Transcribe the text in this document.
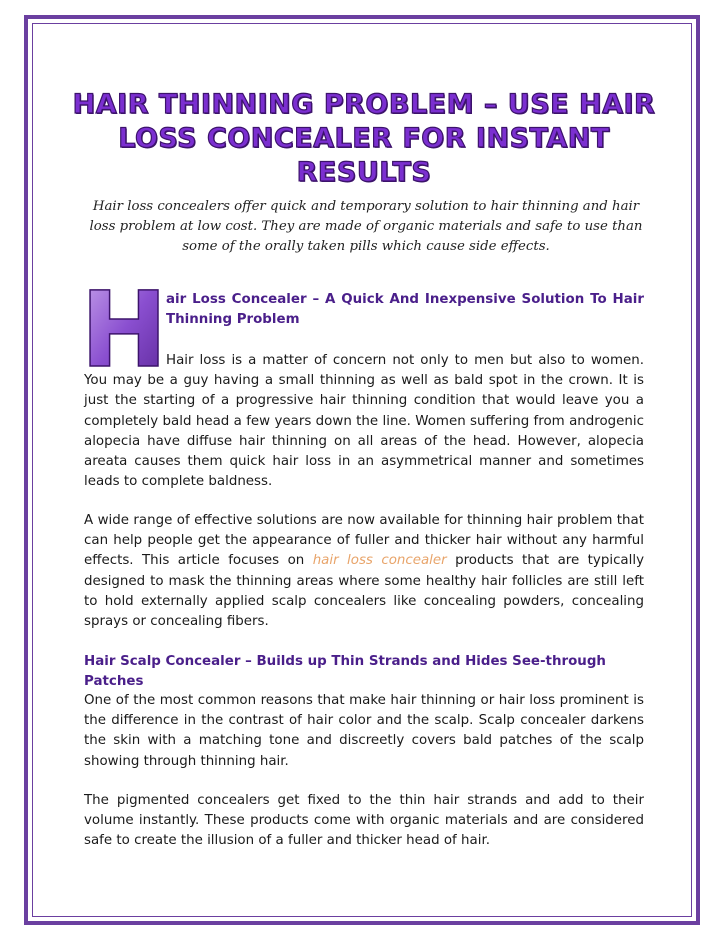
HAIR THINNING PROBLEM – USE HAIR LOSS CONCEALER FOR INSTANT RESULTS
Hair loss concealers offer quick and temporary solution to hair thinning and hair loss problem at low cost. They are made of organic materials and safe to use than some of the orally taken pills which cause side effects.
H
air Loss Concealer – A Quick And Inexpensive Solution To Hair Thinning Problem
Hair loss is a matter of concern not only to men but also to women. You may be a guy having a small thinning as well as bald spot in the crown. It is just the starting of a progressive hair thinning condition that would leave you a completely bald head a few years down the line. Women suffering from androgenic alopecia have diffuse hair thinning on all areas of the head. However, alopecia areata causes them quick hair loss in an asymmetrical manner and sometimes leads to complete baldness.
A wide range of effective solutions are now available for thinning hair problem that can help people get the appearance of fuller and thicker hair without any harmful effects. This article focuses on hair loss concealer products that are typically designed to mask the thinning areas where some healthy hair follicles are still left to hold externally applied scalp concealers like concealing powders, concealing sprays or concealing fibers.
Hair Scalp Concealer – Builds up Thin Strands and Hides See-through Patches
One of the most common reasons that make hair thinning or hair loss prominent is the difference in the contrast of hair color and the scalp. Scalp concealer darkens the skin with a matching tone and discreetly covers bald patches of the scalp showing through thinning hair.
The pigmented concealers get fixed to the thin hair strands and add to their volume instantly. These products come with organic materials and are considered safe to create the illusion of a fuller and thicker head of hair.
